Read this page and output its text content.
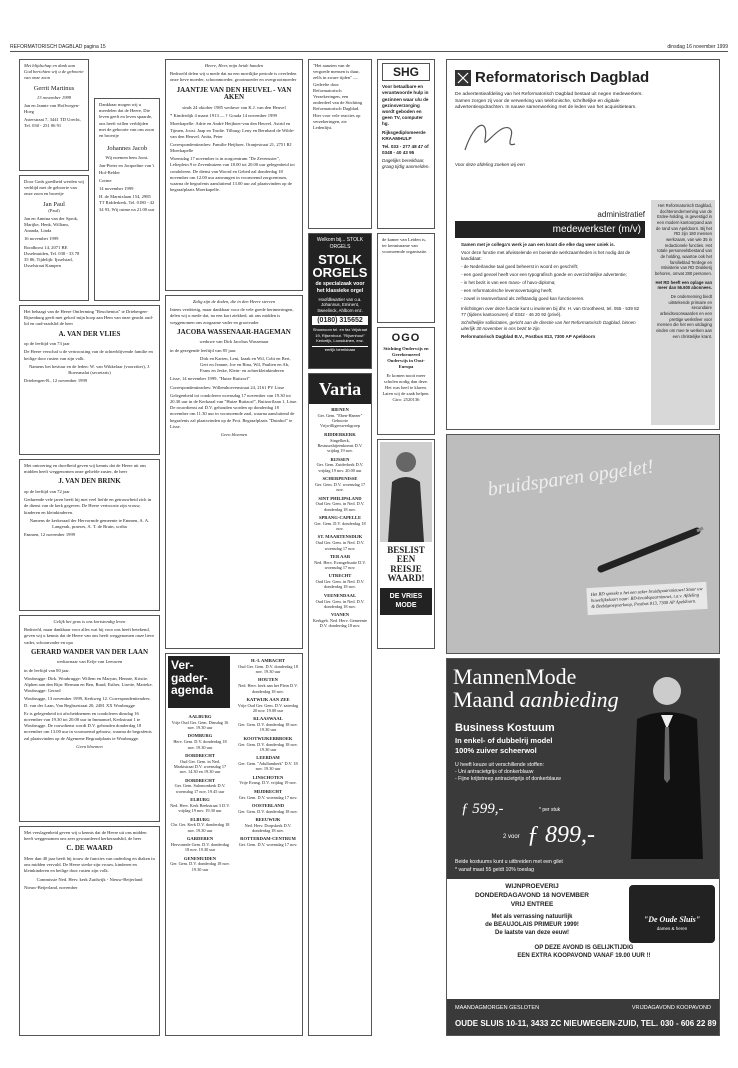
REFORMATORISCH DAGBLAD pagina 15	dinsdag 16 november 1999

Met blijdschap en dank aan God berichten wij u de geboorte van onze zoon

Gerrit Martinus

13 november 1999

Jan en Jannie van Hoffwegen-Hoeg

Asterstraat 7, 3441 TD Urecht, Tel. 030 - 251 06 91

Door Gods goedheid werden wij verblijd met de geboorte van onze zoon en broertje

Jan Paul

(Paul)

Jan en Annina van der Sprok, Marijke, Henk, William, Ananda, Linda

16 november 1999

Roodborst 14, 2071 BE IJsselmuiden, Tel. 038 - 33 78 35 86, Tijdelijk: Ijsselstad, IJsselstraat Kampen

Dankbaar mogen wij u meedelen dat de Heere, Die leven geeft en leven spaarde, ons heeft willen verblijden met de geboorte van ons zoon en broertje

Johannes Jacob

Wij noemen hem Joost.

Jan-Pieter en Jacqueline van 't Hof-Belder

Corine

14 november 1999

H. de Marnixlaan 154, 2985 TT Ridderkerk, Tel. 0180 - 42 34 93, Wij ruime na 21.00 uur

Het behaagt van de Heere Ontferming "Reuchenius" te Driebergen-Rijsenburg geeft met geloof mijn hoop aan Hem van onze geacht oud-lid en oud-raadslid de heer

A. VAN DER VLIES

op de leeftijd van 73 jaar

De Heere verschaf u de vertroosting van de achterblijvende familie en heilige door rusten van zijn volk.

Namens het bestuur en de leden: W. van Wikkelaar (voorzitter), J. Boersmalat (secretaris)

Driebergen-R., 12 november 1999

Met ontroering en droefheid geven wij kennis dat de Heere uit ons midden heeft weggenomen onze geliefde zuster, de heer

J. VAN DEN BRINK

op de leeftijd van 72 jaar

Gedurende vele jaren heeft hij met veel liefde en getrouwheid zich in de dienst van de kerk gegeven. De Heere vertrooste zijn vrouw, kinderen en kleinkinderen.

Namens de kerkeraad der Hervormde gemeente te Emmen, A. A. Langerak, praeses, A. T. de Bruin, scriba

Emmen, 12 november 1999

Gelijk het gras is ons kortstondig leven

Bedroefd, maar dankbaar voor alles wat hij voor ons heeft betekend, geven wij u kennis dat de Heere van ons heeft weggenomen onze lieve vader, schoonvader en opa

GERARD WANDER VAN DER LAAN

weduwnaar van Eefje van Leeuwen

in de leeftijd van 80 jaar.

Woubrugge: Dirk. Woubrugge: Willem en Maryan, Hennie, Kristie. Alphen aan den Rijn: Herman en Ben, Ruud, Esther, Lisette, Marieke. Woubrugge: Gerard

Woubrugge, 13 november 1999, Kerkweg 12. Correspondentieadres: D. van der Laan, Van Beghsestraat 20, 2481 XX Woubrugge

Er is gelegenheid tot afscheidnemen en condoleren dinsdag 16 november van 19.30 tot 20.00 uur in Immanuel, Kerkstraat 1 te Woubrugge. De rouwdienst wordt D.V. gehouden donderdag 18 november om 13.00 uur in voornoemd gebouw, waarna de begrafenis zal plaatsvinden op de Algemene Begraafplaats te Woubrugge.

Geen bloemen

Met verslagenheid geven wij u kennis dat de Heere uit ons midden heeft weggenomen ons zeer gewaardeerd kerkeraadslid, de heer

C. DE WAARD

Meer dan 40 jaar heeft hij trouw de functies van ouderling en diaken in ons midden vervuld. De Heere sterke zijn vrouw, kinderen en kleinkinderen en heilige door rusten zijn volk.

Commissie Ned. Herv. kerk Zuidwijk - Nieuw-Beijerland

Nieuw-Beijerland, november

Heere, Heer, mijn beide handen

Bedroefd delen wij u mede dat na een moeilijke periode is overleden onze lieve moeder, schoonmoeder, grootmoeder en overgrootmoeder

JAANTJE VAN DEN HEUVEL - VAN AKEN

sinds 24 oktober 1985 weduwe van K.J. van den Heuvel

* Kinderdijk 4 maart 1913 — † Gouda 14 november 1999

Moerkapelle: Adrie en André Heijboer-van den Heuvel. Astrid en Tijmen, Joost. Jaap en Trudie. Tilburg: Leny en Bernhard de Wilde-van den Heuvel. Anita, Peter

Correspondentieadres: Familie Heijboer, Oranjestraat 21, 2751 RJ Moerkapelle

Woensdag 17 november is in zorgcentrum "De Zevensster", Lelieplein 9 te Zevenhuizen van 18.00 tot 20.00 uur gelegenheid tot condoleren. De dienst van Woord en Gebed zal donderdag 18 november om 12.00 uur aanvangen in voornoemd zorgcentrum, waarna de begrafenis aansluitend 13.00 uur zal plaatsvinden op de begraafplaats Moerkapelle.

Zalig zijn de doden, die in den Heere sterven

Intens verdrietig, maar dankbaar voor de vele goede herinneringen, delen wij u mede dat, na een kort ziekbed, uit ons midden is weggenomen ons zorgzame vader en grootvader

JACOBA WASSENAAR-HAGEMAN

weduwe van Dirk Jacobus Wassenaar

in de gezegende leeftijd van 85 jaar.

Dirk en Karien, Leni, Izaak en Wil, Cobi en Bert, Gert en Jeanne, Joe en Rina, Wil, Paulien en Ab, Frans en Jeske, Klein- en achterkleinkinderen

Lisse, 14 november 1999, "Huize Ruitzorf"

Correspondentieadres: Willemhoevenstraat 24, 2161 PV Lisse

Gelegenheid tot condoleren woensdag 17 november van 19.30 tot 20.30 uur in de Kerkzaal van "Huize Ruitzorf", Ruitzorflaan 1, Lisse. De rouwdienst zal D.V. gehouden worden op donderdag 18 november om 11.30 uur in voornoemde zaal, waarna aansluitend de begrafenis zal plaatsvinden op de Prot. Begraafplaats "Duinhof" te Lisse.

Geen bloemen

Ver-gader-agenda
AALBURG
Vrije Oud Ger. Gem. Dinsdag 16 nov. 19.30 uur
DOMBURG
Herv. Gem. D.V. donderdag 18 nov. 19.30 uur
DORDRECHT
Oud Ger. Gem. in Ned. Marktstraat D.V. woensdag 17 nov. 14.30 en 19.30 uur
DORDRECHT
Ger. Gem. Salomonkerk D.V. woensdag 17 nov. 19.45 uur
ELBURG
Ned. Herv. Kerk Beekstraat 3 D.V. vrijdag 19 nov. 19.30 uur
ELBURG
Chr. Ger. Kerk D.V. donderdag 18 nov. 19.30 uur
GARDEREN
Hervormde Gem. D.V. donderdag 18 nov. 19.30 uur
GENEMUIDEN
Ger. Gem. D.V. donderdag 18 nov. 19.30 uur
H.-I. AMBACHT
Oud Ger. Gem. D.V. donderdag 18 nov. 19.30 uur
HOUTEN
Ned. Herv. kerk aan het Plein D.V. donderdag 18 nov.
KATWIJK AAN ZEE
Vrije Oud Ger. Gem. D.V. zaterdag 20 nov. 19.00 uur
KLAASWAAL
Ger. Gem. D.V. donderdag 18 nov. 19.30 uur
KOOTWIJKERBROEK
Ger. Gem. D.V. donderdag 18 nov. 19.30 uur
LEERDAM
Ger. Gem. "Adullamkerk" D.V. 18 nov. 19.30 uur
LINSCHOTEN
Vrije Evang. D.V. vrijdag 19 nov.
MIJDRECHT
Ger. Gem. D.V. woensdag 17 nov.
OOSTERLAND
Ger. Gem. D.V. donderdag 18 nov.
REEUWIJK
Ned. Herv. Dorpskerk D.V. donderdag 18 nov.
ROTTERDAM-CENTRUM
Ger. Gem. D.V. woensdag 17 nov.

"Het aanzien van de vergoede mensen is duur, zelfs in zware tijden" — Gedeelte door Reformatorisch Verzekeringen, een onderdeel van de Stichting Reformatorisch Dagblad. Hier voor vele reacties op verzekeringen, zie Ledenlijst.

Welkom bij... STOLK ORGELS
STOLK
ORGELS
de specialzaak voor het klassieke orgel
Hoofdkwartier van o.a. Johannus, Eminent, Sweelinck, Ahlborn enz.
(0180) 315652
Showroom tel. en fax Vrijstraat 19, Rijsenhout. "Rijsenhout" Kerkelijk, Loosduinen, enz.
eerlijk bereikbaar
Varia
BIENEN
Ger. Gem. "Eben-Haezer" Geboorte Vrijwilligerswerkgroep
RIDDERKERK
Singelkerk, Bestuursbijeenkomst D.V. vrijdag 19 nov.
RIJSSEN
Ger. Gem. Zuiderkerk D.V. vrijdag 19 nov. 20.00 uur
SCHERPENISSE
Ger. Gem. D.V. woensdag 17 nov.
SINT PHILIPSLAND
Oud Ger. Gem. in Ned. D.V. donderdag 18 nov.
SPRANG-CAPELLE
Ger. Gem. D.V. donderdag 18 nov.
ST. MAARTENSDIJK
Oud Ger. Gem. in Ned. D.V. woensdag 17 nov.
TER AAR
Ned. Herv. Evangelisatie D.V. woensdag 17 nov.
UTRECHT
Oud Ger. Gem. in Ned. D.V. donderdag 18 nov.
VEENENDAAL
Oud Ger. Gem. in Ned. D.V. donderdag 18 nov.
VIANEN
Kerkgeb. Ned. Herv. Gemeente D.V. donderdag 18 nov.
SHG

Voor betaalbare en verantwoorde hulp in gezinnen waar u/u de gezinsverzorging wordt geboden en geen TV, computer hg.

Rijksgediplomeerde KRAAMHULP

Tel. 033 - 277 48 47 of 0348 - 40 43 95

Dagelijks bereikbaar, graag tijdig aanmelden.

de kamer van Leiden is, ter kennisname van voornoemde organisatie.

OGO

Stichting Onderwijs en Gereformeerd Onderwijs in Oost-Europa

Er komen nooit meer scholen nodig dan deze. Het was heel te klaren. Laten wij de zaak helpen. Giro: 2520136

BESLIST EEN REISJE WAARD!
DE VRIES MODE
Reformatorisch Dagblad

De advertentieafdeling van het Reformatorisch Dagblad bestaat uit negen medewerkers. Samen zorgen zij voor de verwerking van telefonische, schriftelijke en digitale advertentieopdrachten. In nauwe samenwerking met de leden van het acquisitieteam.

Voor deze afdeling zoeken wij een

administratief
medewerkster (m/v)

Samen met je collega's werk je aan een krant die elke dag weer uniek is.

Voor deze functie met afwisselende en boeiende werkzaamheden is het nodig dat de kandidaat:

- de Nederlandse taal goed beheerst in woord en geschrift;

- een goed gevoel heeft voor een typografisch goede en overzichtelijke advertentie;

- in het bezit is van een mavo- of havo-diploma;

- een reformatorische levensovertuiging heeft;

- zowel in teamverband als zelfstandig goed kan functioneren.

Inlichtingen over deze functie kunt u inwinnen bij dhr. H. van Grootheest, tel. 055 - 539 82 77 (tijdens kantooruren) of 0342 - 46 20 92 (privé).

Schriftelijke sollicitaties, gericht aan de directie van het Reformatorisch Dagblad, binnen uiterlijk 30 november in ons bezit te zijn.

Reformatorisch Dagblad B.V., Postbus 813, 7300 AP Apeldoorn

Het Reformatorisch Dagblad, dochteronderneming van de Erdee-holding, is gevestigd in een modern kantoorpand aan de rand van Apeldoorn. Bij het RD zijn 180 mensen werkzaam, van wie 35 in redactionele functies. Het totale personeelsbestand van de holding, waartoe ook het familieblad Terdege en Ministerie van RD Drukkerij behoren, omvat 280 personen.

Het RD heeft een oplage van meer dan 56.600 abonnees.

De onderneming biedt uitstekende primaire en secundaire arbeidsvoorwaarden en een prettige werksfeer voor mensen die het een uitdaging vinden om mee te werken aan een christelijke krant.

bruidsparen opgelet!
Het RD spreekt u het een zeker bruidspaarsnieuws! Stuur uw huwelijkskaart naar: RD-bruidspaarnieuws, t.a.v. Afdeling & Beeldgroepverkoop, Postbus 813, 7300 AP Apeldoorn.
MannenMode
Maand aanbieding
Business Kostuum
In enkel- of dubbelrij model
100% zuiver scheerwol
U heeft keuze uit verschillende stoffen:
- Uni antracietgrijs of donkerblauw
- Fijne krijtstreep antracietgrijs of donkerblauw
ƒ 599,-	* per stuk
2 voor ƒ 899,-
Beide kostuums kunt u uitbreiden met een gilet
* vanaf maat 55 geldt 10% toeslag
WIJNPROEVERIJ
DONDERDAGAVOND 18 NOVEMBER
VRIJ ENTREE
Met als verrassing natuurlijk
de BEAUJOLAIS PRIMEUR 1999!
De laatste van deze eeuw!
OP DEZE AVOND IS GELIJKTIJDIG
EEN EXTRA KOOPAVOND VANAF 19.00 UUR !!
"De Oude Sluis"
dames & heren
MAANDAGMORGEN GESLOTEN	VRIJDAGAVOND KOOPAVOND
OUDE SLUIS 10-11, 3433 ZC NIEUWEGEIN-ZUID, TEL. 030 - 606 22 89
